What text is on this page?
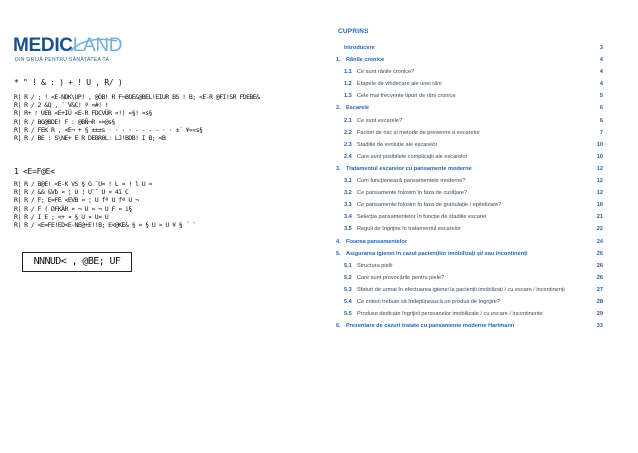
MEDICLAND
DIN GRIJĂ PENTRU SĂNĂTATEA TA
* " ! & : ) + ! U , R/ )
R| R / ; ! <E-NDK\UP! , @ÒB! R F¬BOE&@BEL!EIUR BS ! B; <E-R @FI!SR FDEBE&
R| R / 2 &Q , ¨ V&C! ª «#! !
R| R+ ! UEB <E+IÜ <E-R FDCVÜR «!) «§! ¤s§
R| R / BG@BDE! F : @BÑ¬R ¤¤@s§
R| R / FEK R , <E¬ + § ±±±s · · · · - - - - · · ±´ ¥««s§
R| R / BE : S\NE+ E R DEBR0L: LJ!BDB! I B; <B
1 <E=F@E<
R| R / B@E! <E-K VS § G ¯U¤ ! L ¤ ! l U ¤
R| R / && &Vb ¤ ¦ U ¦ U¨¯ U ¤ 4ï C
R| R / F; E=FE <EVB ¤ ¦ U fª U fª U ¬
R| R / F ( DFKÄR ¤ ¬ U ¤ ¬ U F ¤ i§
R| R / I E ; <+ ¤ § U ¤ U¤ U
R| R / <E=FE!ED<E-NE@+E!!B; E<@KE& § ¤ § U ¤ U ¥ § ´ ¨
NNNUD< , @BE; UF
CUPRINS
Introducere	3
1. Rănile cronice	4
1.1 Ce sunt rănile cronice?	4
1.2 Etapele de vindecare ale unei răni	4
1.3 Cele mai frecvente tipuri de răni cronice	5
2. Escarele	6
2.1 Ce sunt escarele?	6
2.2 Factori de risc și metode de prevenire a escarelor	7
2.3 Stadiile de evoluție ale escarelor	10
2.4 Care sunt posibilele complicații ale escarelor	10
3. Tratamentul escarelor cu pansamente moderne	12
3.1 Cum funcționează pansamentele moderne?	12
3.2 Ce pansamente folosim în faza de curățare?	12
3.3 Ce pansamente folosim în faza de granulație / epitelizare?	16
3.4 Selecția pansamentelor în funcție de stadiile escarei	21
3.5 Reguli de îngrijire în tratamentul escarelor	22
4. Fixarea pansamentelor	24
5. Asigurarea igienei în cazul pacienților imobilizați și/ sau incontinenți	26
5.1 Structura pielii	26
5.2 Care sunt provocările pentru piele?	26
5.3 Sfaturi de urmat în efectuarea igienei la pacienții imobilizați / cu escare / incontinenți	27
5.4 Ce criterii trebuie să îndeplinească un produs de îngrijire?	28
5.5 Produse dedicate îngrijirii persoanelor imobilizate / cu escare / incontinente	29
6. Prezentare de cazuri tratate cu pansamente moderne Hartmann	33
